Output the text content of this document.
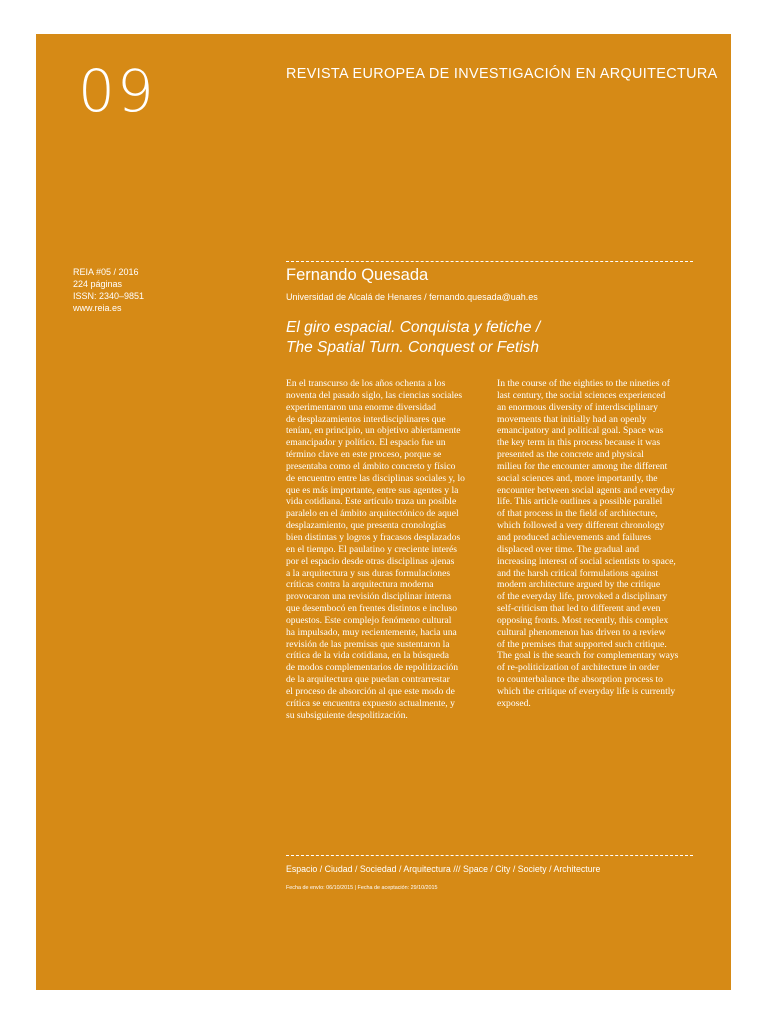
09	REVISTA EUROPEA DE INVESTIGACIÓN EN ARQUITECTURA
REIA #05 / 2016
224 páginas
ISSN: 2340–9851
www.reia.es
Fernando Quesada
Universidad de Alcalá de Henares / fernando.quesada@uah.es
El giro espacial. Conquista y fetiche /
The Spatial Turn. Conquest or Fetish
En el transcurso de los años ochenta a los
noventa del pasado siglo, las ciencias sociales
experimentaron una enorme diversidad
de desplazamientos interdisciplinares que
tenían, en principio, un objetivo abiertamente
emancipador y político. El espacio fue un
término clave en este proceso, porque se
presentaba como el ámbito concreto y físico
de encuentro entre las disciplinas sociales y, lo
que es más importante, entre sus agentes y la
vida cotidiana. Este artículo traza un posible
paralelo en el ámbito arquitectónico de aquel
desplazamiento, que presenta cronologías
bien distintas y logros y fracasos desplazados
en el tiempo. El paulatino y creciente interés
por el espacio desde otras disciplinas ajenas
a la arquitectura y sus duras formulaciones
críticas contra la arquitectura moderna
provocaron una revisión disciplinar interna
que desembocó en frentes distintos e incluso
opuestos. Este complejo fenómeno cultural
ha impulsado, muy recientemente, hacia una
revisión de las premisas que sustentaron la
crítica de la vida cotidiana, en la búsqueda
de modos complementarios de repolitización
de la arquitectura que puedan contrarrestar
el proceso de absorción al que este modo de
crítica se encuentra expuesto actualmente, y
su subsiguiente despolitización.
In the course of the eighties to the nineties of
last century, the social sciences experienced
an enormous diversity of interdisciplinary
movements that initially had an openly
emancipatory and political goal. Space was
the key term in this process because it was
presented as the concrete and physical
milieu for the encounter among the different
social sciences and, more importantly, the
encounter between social agents and everyday
life. This article outlines a possible parallel
of that process in the field of architecture,
which followed a very different chronology
and produced achievements and failures
displaced over time. The gradual and
increasing interest of social scientists to space,
and the harsh critical formulations against
modern architecture argued by the critique
of the everyday life, provoked a disciplinary
self-criticism that led to different and even
opposing fronts. Most recently, this complex
cultural phenomenon has driven to a review
of the premises that supported such critique.
The goal is the search for complementary ways
of re-politicization of architecture in order
to counterbalance the absorption process to
which the critique of everyday life is currently
exposed.
Espacio / Ciudad / Sociedad / Arquitectura /// Space / City / Society / Architecture
Fecha de envío: 06/10/2015 | Fecha de aceptación: 29/10/2015
